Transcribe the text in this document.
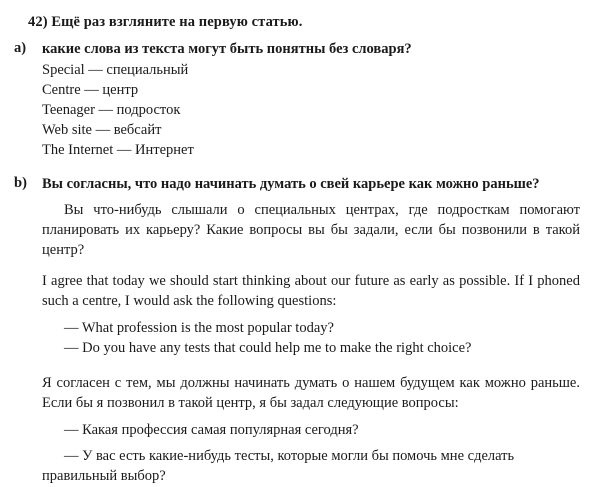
42) Ещё раз взгляните на первую статью.
a) какие слова из текста могут быть понятны без словаря?
Special — специальный
Centre — центр
Teenager — подросток
Web site — вебсайт
The Internet — Интернет
b) Вы согласны, что надо начинать думать о свей карьере как можно раньше?
Вы что-нибудь слышали о специальных центрах, где подросткам помогают планировать их карьеру? Какие вопросы вы бы задали, если бы позвонили в такой центр?
I agree that today we should start thinking about our future as early as possible. If I phoned such a centre, I would ask the following questions:
— What profession is the most popular today?
— Do you have any tests that could help me to make the right choice?
Я согласен с тем, мы должны начинать думать о нашем будущем как можно раньше. Если бы я позвонил в такой центр, я бы задал следующие вопросы:
— Какая профессия самая популярная сегодня?
— У вас есть какие-нибудь тесты, которые могли бы помочь мне сделать правильный выбор?
